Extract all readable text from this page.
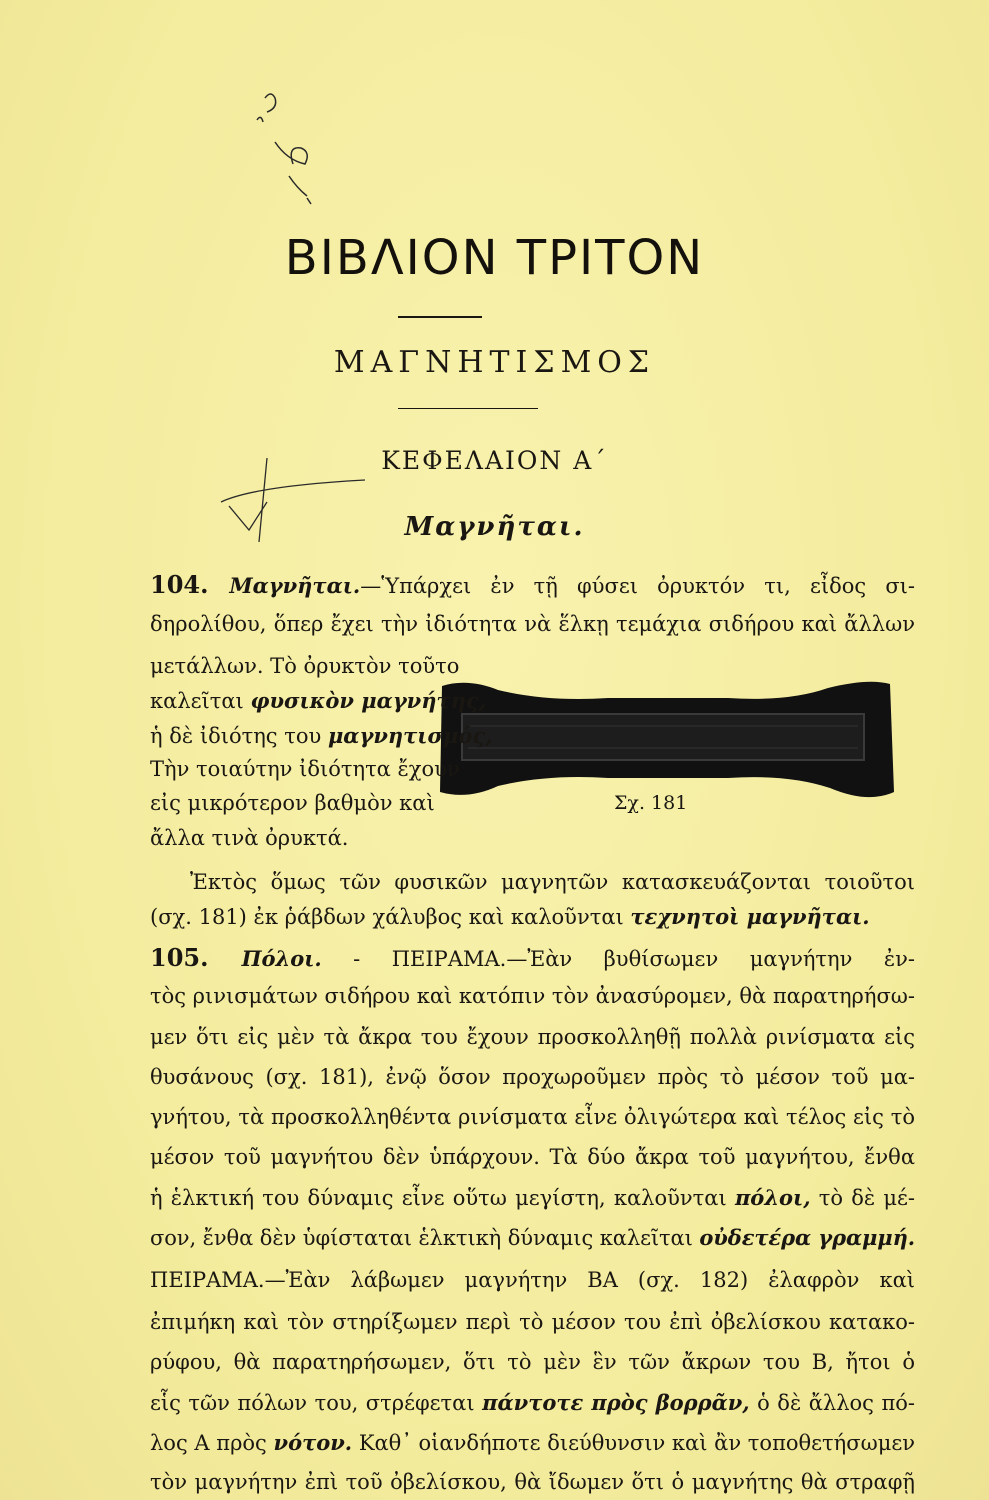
ΒΙΒΛΙΟΝ ΤΡΙΤΟΝ
ΜΑΓΝΗΤΙΣΜΟΣ
ΚΕΦΕΛΑΙΟΝ Α΄
Μαγνῆται.
Σχ. 181
104. Μαγνῆται.—Ὑπάρχει ἐν τῇ φύσει ὀρυκτόν τι, εἶδος σι-
δηρολίθου, ὅπερ ἔχει τὴν ἰδιότητα νὰ ἕλκῃ τεμάχια σιδήρου καὶ ἄλλων
μετάλλων. Τὸ ὀρυκτὸν τοῦτο
καλεῖται φυσικὸν μαγνήτης,
ἡ δὲ ἰδιότης του μαγνητισμός,
Τὴν τοιαύτην ἰδιότητα ἔχουν
εἰς μικρότερον βαθμὸν καὶ
ἄλλα τινὰ ὀρυκτά.
Ἐκτὸς ὅμως τῶν φυσικῶν μαγνητῶν κατασκευάζονται τοιοῦτοι
(σχ. 181) ἐκ ῥάβδων χάλυβος καὶ καλοῦνται τεχνητοὶ μαγνῆται.
105. Πόλοι. - ΠΕΙΡΑΜΑ.—Ἐὰν βυθίσωμεν μαγνήτην ἐν-
τὸς ρινισμάτων σιδήρου καὶ κατόπιν τὸν ἀνασύρομεν, θὰ παρατηρήσω-
μεν ὅτι εἰς μὲν τὰ ἄκρα του ἔχουν προσκολληθῇ πολλὰ ρινίσματα εἰς
θυσάνους (σχ. 181), ἐνῷ ὅσον προχωροῦμεν πρὸς τὸ μέσον τοῦ μα-
γνήτου, τὰ προσκολληθέντα ρινίσματα εἶνε ὀλιγώτερα καὶ τέλος εἰς τὸ
μέσον τοῦ μαγνήτου δὲν ὑπάρχουν. Τὰ δύο ἄκρα τοῦ μαγνήτου, ἔνθα
ἡ ἑλκτική του δύναμις εἶνε οὕτω μεγίστη, καλοῦνται πόλοι, τὸ δὲ μέ-
σον, ἔνθα δὲν ὑφίσταται ἑλκτικὴ δύναμις καλεῖται οὐδετέρα γραμμή.
ΠΕΙΡΑΜΑ.—Ἐὰν λάβωμεν μαγνήτην ΒΑ (σχ. 182) ἐλαφρὸν καὶ
ἐπιμήκη καὶ τὸν στηρίξωμεν περὶ τὸ μέσον του ἐπὶ ὀβελίσκου κατακο-
ρύφου, θὰ παρατηρήσωμεν, ὅτι τὸ μὲν ἓν τῶν ἄκρων του Β, ἤτοι ὁ
εἷς τῶν πόλων του, στρέφεται πάντοτε πρὸς βορρᾶν, ὁ δὲ ἄλλος πό-
λος Α πρὸς νότον. Καθ᾽ οἱανδήποτε διεύθυνσιν καὶ ἂν τοποθετήσωμεν
τὸν μαγνήτην ἐπὶ τοῦ ὀβελίσκου, θὰ ἴδωμεν ὅτι ὁ μαγνήτης θὰ στραφῇ
